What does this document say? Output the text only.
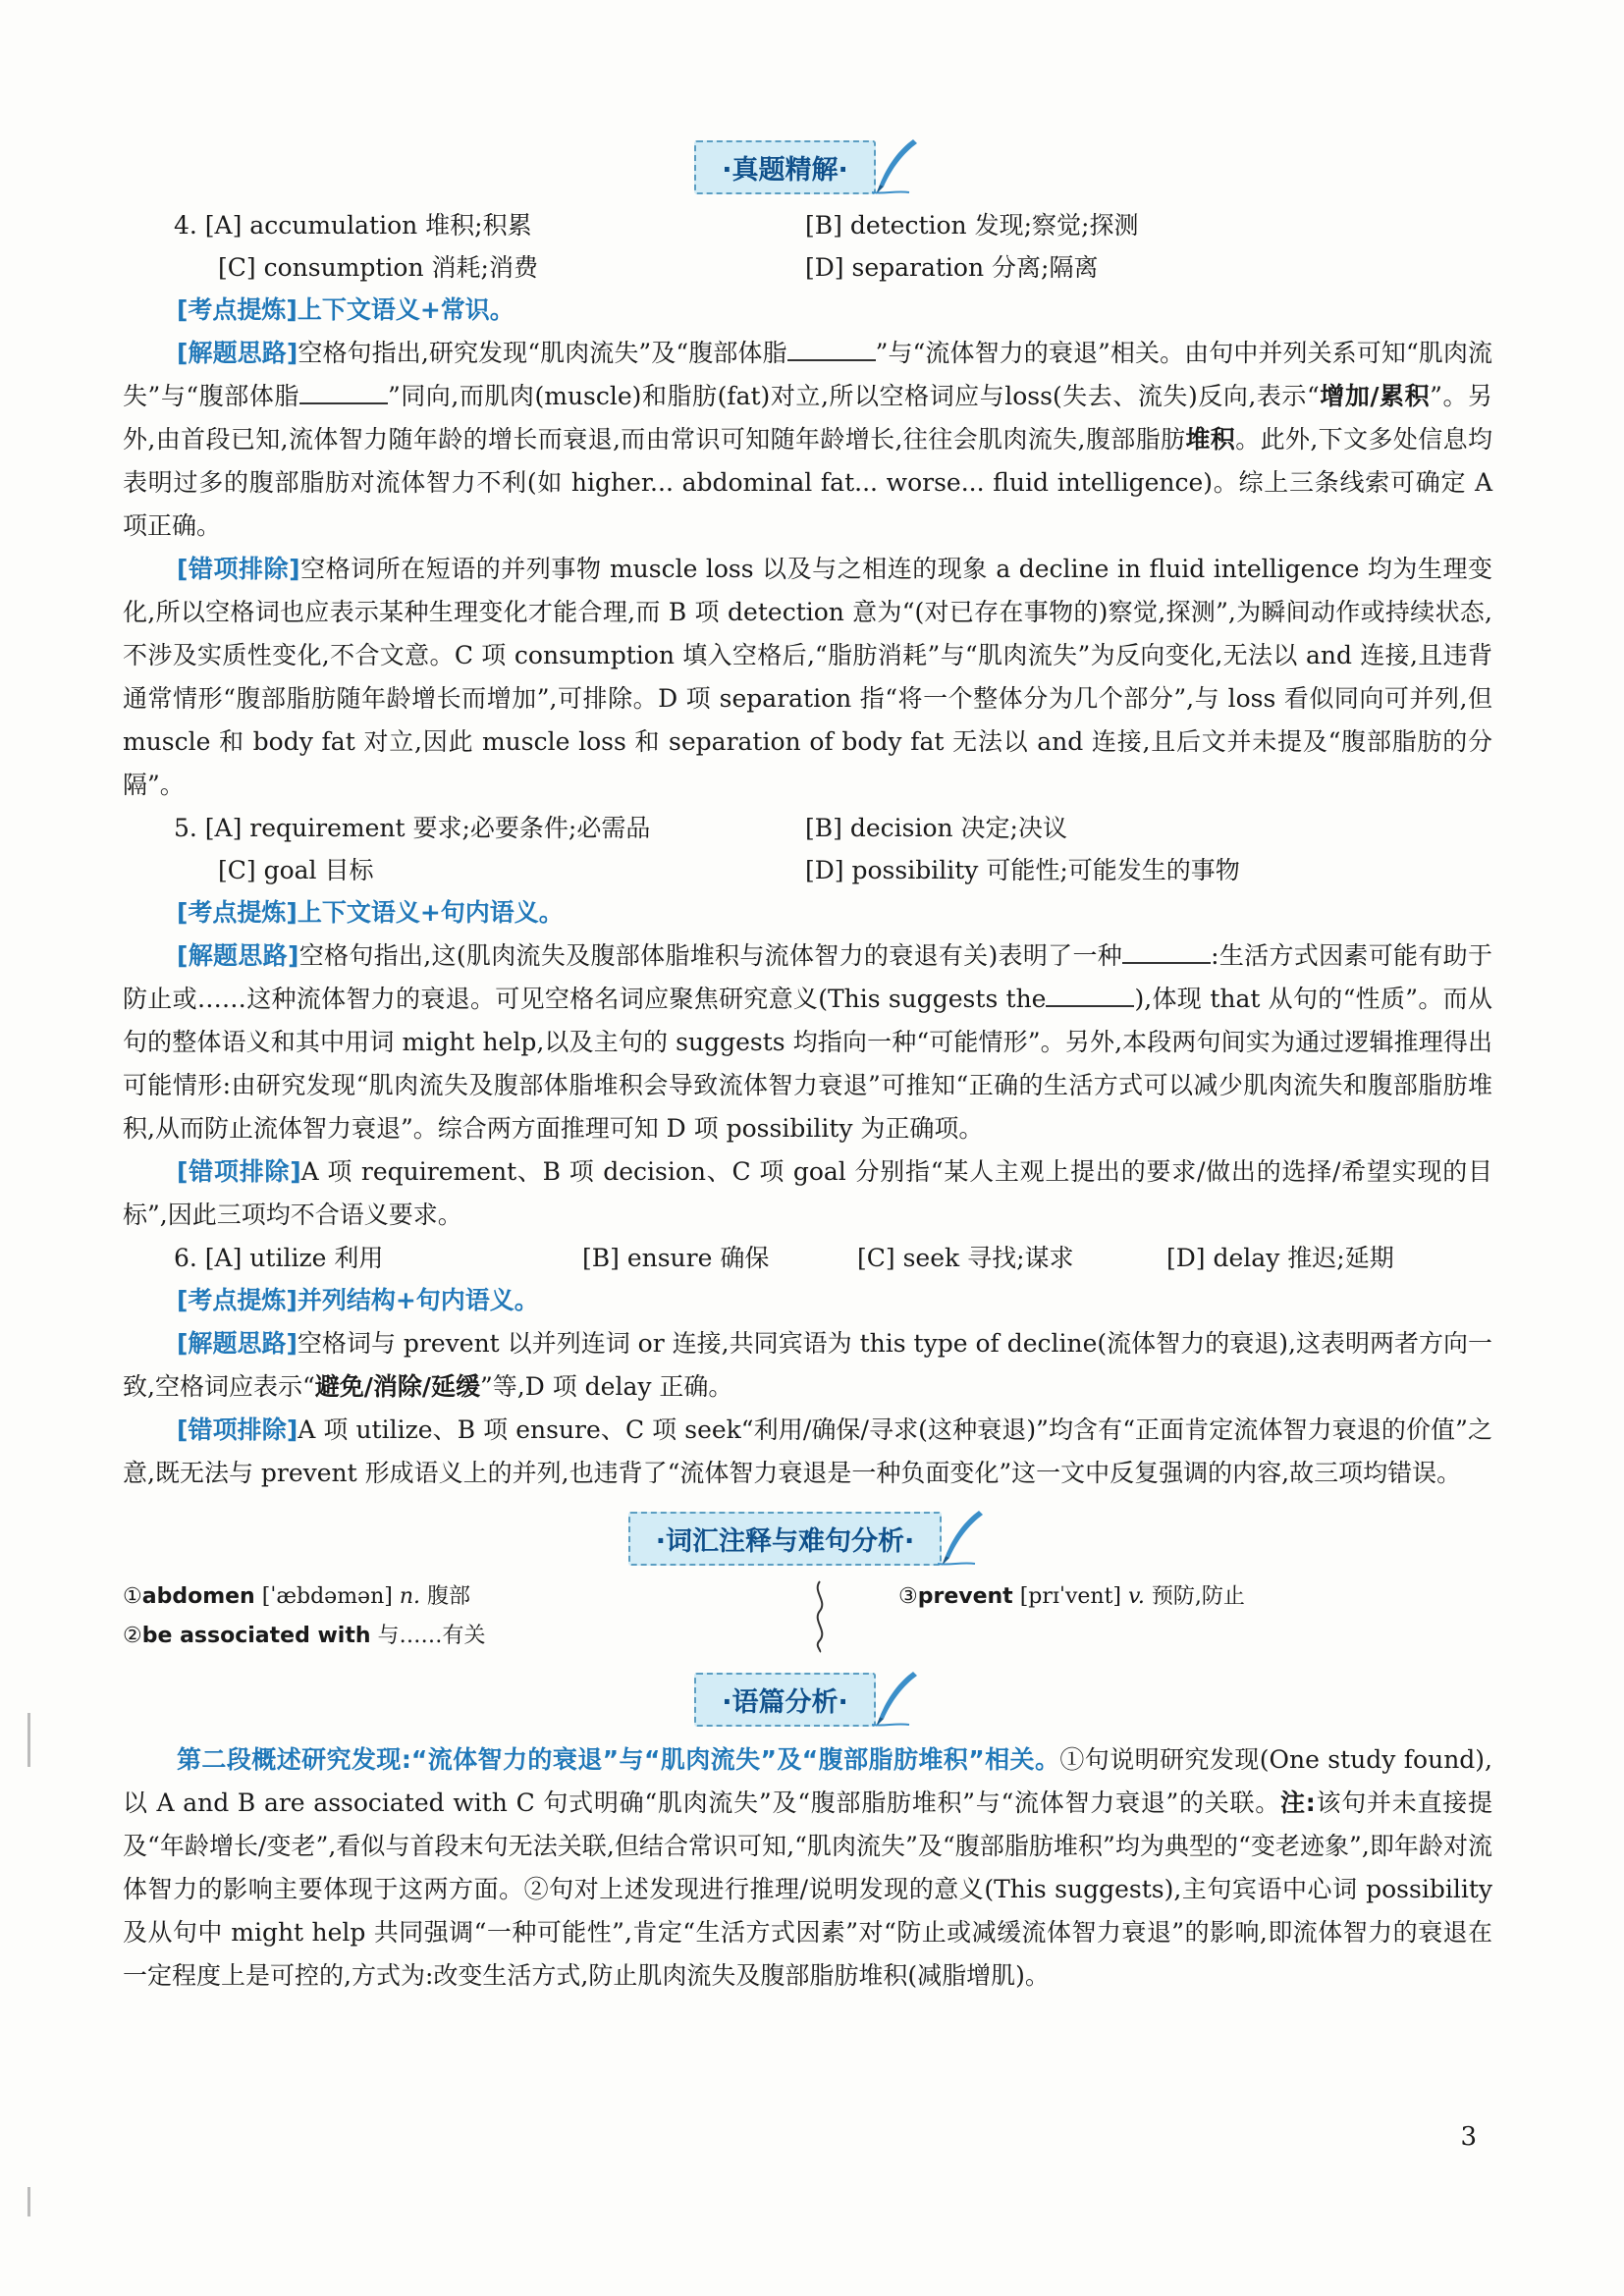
·真题精解·
4. [A] accumulation 堆积;积累	[B] detection 发现;察觉;探测
[C] consumption 消耗;消费	[D] separation 分离;隔离

[考点提炼]上下文语义+常识。

[解题思路]空格句指出,研究发现“肌肉流失”及“腹部体脂	”与“流体智力的衰退”相关。由句中并列关系可知“肌肉流失”与“腹部体脂	”同向,而肌肉(muscle)和脂肪(fat)对立,所以空格词应与loss(失去、流失)反向,表示“增加/累积”。另外,由首段已知,流体智力随年龄的增长而衰退,而由常识可知随年龄增长,往往会肌肉流失,腹部脂肪堆积。此外,下文多处信息均表明过多的腹部脂肪对流体智力不利(如 higher... abdominal fat... worse... fluid intelligence)。综上三条线索可确定 A 项正确。

[错项排除]空格词所在短语的并列事物 muscle loss 以及与之相连的现象 a decline in fluid intelligence 均为生理变化,所以空格词也应表示某种生理变化才能合理,而 B 项 detection 意为“(对已存在事物的)察觉,探测”,为瞬间动作或持续状态,不涉及实质性变化,不合文意。C 项 consumption 填入空格后,“脂肪消耗”与“肌肉流失”为反向变化,无法以 and 连接,且违背通常情形“腹部脂肪随年龄增长而增加”,可排除。D 项 separation 指“将一个整体分为几个部分”,与 loss 看似同向可并列,但 muscle 和 body fat 对立,因此 muscle loss 和 separation of body fat 无法以 and 连接,且后文并未提及“腹部脂肪的分隔”。

5. [A] requirement 要求;必要条件;必需品	[B] decision 决定;决议
[C] goal 目标	[D] possibility 可能性;可能发生的事物

[考点提炼]上下文语义+句内语义。

[解题思路]空格句指出,这(肌肉流失及腹部体脂堆积与流体智力的衰退有关)表明了一种	:生活方式因素可能有助于防止或……这种流体智力的衰退。可见空格名词应聚焦研究意义(This suggests the	),体现 that 从句的“性质”。而从句的整体语义和其中用词 might help,以及主句的 suggests 均指向一种“可能情形”。另外,本段两句间实为通过逻辑推理得出可能情形:由研究发现“肌肉流失及腹部体脂堆积会导致流体智力衰退”可推知“正确的生活方式可以减少肌肉流失和腹部脂肪堆积,从而防止流体智力衰退”。综合两方面推理可知 D 项 possibility 为正确项。

[错项排除]A 项 requirement、B 项 decision、C 项 goal 分别指“某人主观上提出的要求/做出的选择/希望实现的目标”,因此三项均不合语义要求。

6. [A] utilize 利用	[B] ensure 确保	[C] seek 寻找;谋求	[D] delay 推迟;延期

[考点提炼]并列结构+句内语义。

[解题思路]空格词与 prevent 以并列连词 or 连接,共同宾语为 this type of decline(流体智力的衰退),这表明两者方向一致,空格词应表示“避免/消除/延缓”等,D 项 delay 正确。

[错项排除]A 项 utilize、B 项 ensure、C 项 seek“利用/确保/寻求(这种衰退)”均含有“正面肯定流体智力衰退的价值”之意,既无法与 prevent 形成语义上的并列,也违背了“流体智力衰退是一种负面变化”这一文中反复强调的内容,故三项均错误。

·词汇注释与难句分析·
①abdomen [ˈæbdəmən] n. 腹部
②be associated with 与……有关
③prevent [prɪˈvent] v. 预防,防止
·语篇分析·

第二段概述研究发现:“流体智力的衰退”与“肌肉流失”及“腹部脂肪堆积”相关。①句说明研究发现(One study found),以 A and B are associated with C 句式明确“肌肉流失”及“腹部脂肪堆积”与“流体智力衰退”的关联。注:该句并未直接提及“年龄增长/变老”,看似与首段末句无法关联,但结合常识可知,“肌肉流失”及“腹部脂肪堆积”均为典型的“变老迹象”,即年龄对流体智力的影响主要体现于这两方面。②句对上述发现进行推理/说明发现的意义(This suggests),主句宾语中心词 possibility 及从句中 might help 共同强调“一种可能性”,肯定“生活方式因素”对“防止或减缓流体智力衰退”的影响,即流体智力的衰退在一定程度上是可控的,方式为:改变生活方式,防止肌肉流失及腹部脂肪堆积(减脂增肌)。

3
